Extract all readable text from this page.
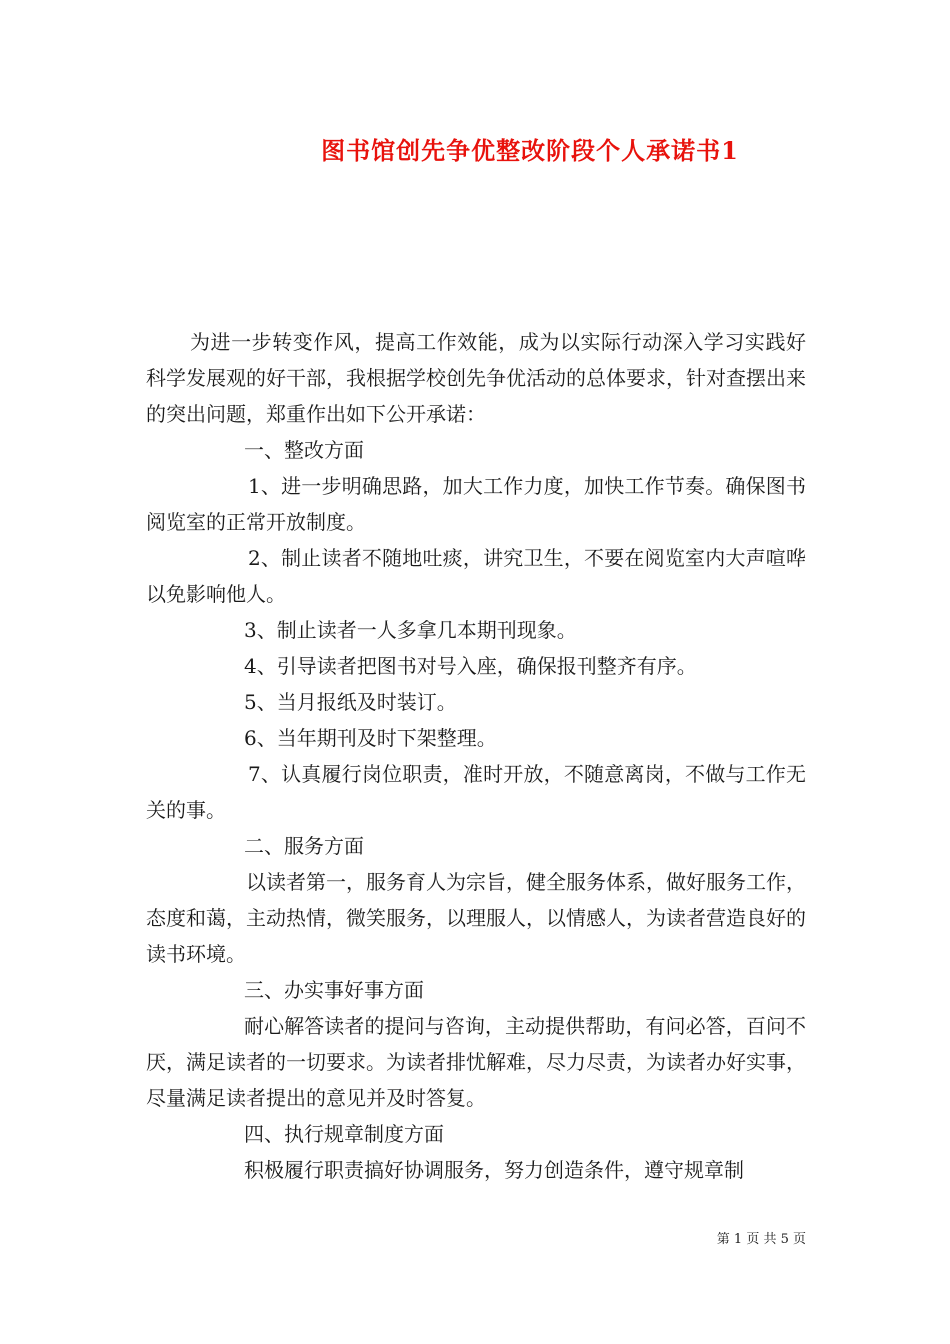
图书馆创先争优整改阶段个人承诺书1

为进一步转变作风，提高工作效能，成为以实际行动深入学习实践好科学发展观的好干部，我根据学校创先争优活动的总体要求，针对查摆出来的突出问题，郑重作出如下公开承诺：

一、整改方面

1、进一步明确思路，加大工作力度，加快工作节奏。确保图书阅览室的正常开放制度。

2、制止读者不随地吐痰，讲究卫生，不要在阅览室内大声喧哗以免影响他人。

3、制止读者一人多拿几本期刊现象。

4、引导读者把图书对号入座，确保报刊整齐有序。

5、当月报纸及时装订。

6、当年期刊及时下架整理。

7、认真履行岗位职责，准时开放，不随意离岗，不做与工作无关的事。

二、服务方面

以读者第一，服务育人为宗旨，健全服务体系，做好服务工作，态度和蔼，主动热情，微笑服务，以理服人，以情感人，为读者营造良好的读书环境。

三、办实事好事方面

耐心解答读者的提问与咨询，主动提供帮助，有问必答，百问不厌，满足读者的一切要求。为读者排忧解难，尽力尽责，为读者办好实事，尽量满足读者提出的意见并及时答复。

四、执行规章制度方面

积极履行职责搞好协调服务，努力创造条件，遵守规章制

第 1 页 共 5 页
